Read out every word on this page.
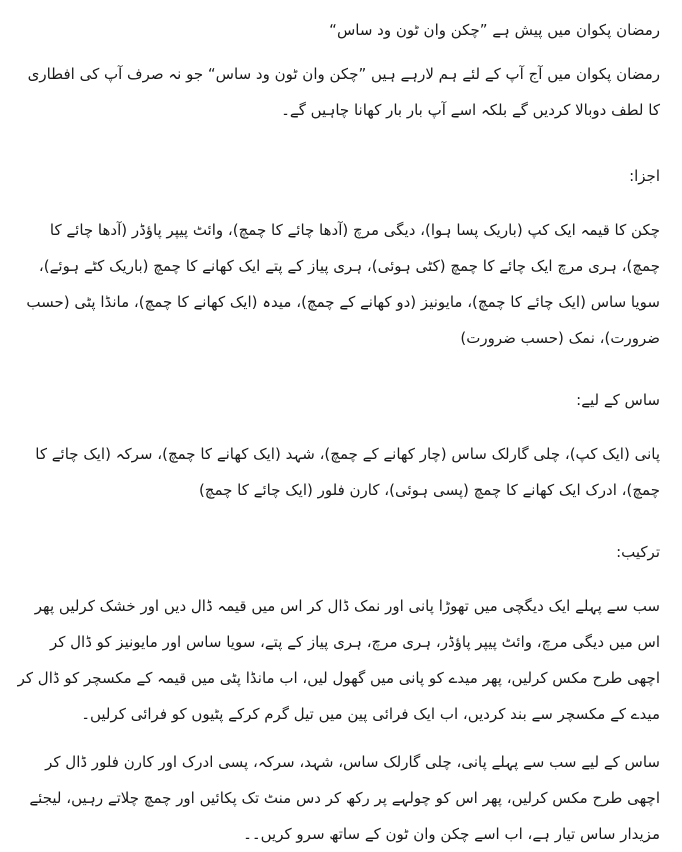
رمضان پکوان میں پیش ہے ”چکن وان ٹون ود ساس“

رمضان پکوان میں آج آپ کے لئے ہم لارہے ہیں ”چکن وان ٹون ود ساس“ جو نہ صرف آپ کی افطاری کا لطف دوبالا کردیں گے بلکہ اسے آپ بار بار کھانا چاہیں گے۔

اجزا:

چکن کا قیمہ ایک کپ (باریک پسا ہوا)، دیگی مرچ (آدھا چائے کا چمچ)، وائٹ پیپر پاؤڈر (آدھا چائے کا چمچ)، ہری مرچ ایک چائے کا چمچ (کٹی ہوئی)، ہری پیاز کے پتے ایک کھانے کا چمچ (باریک کٹے ہوئے)، سویا ساس (ایک چائے کا چمچ)، مایونیز (دو کھانے کے چمچ)، میدہ (ایک کھانے کا چمچ)، مانڈا پٹی (حسب ضرورت)، نمک (حسب ضرورت)

ساس کے لیے:

پانی (ایک کپ)، چلی گارلک ساس (چار کھانے کے چمچ)، شہد (ایک کھانے کا چمچ)، سرکہ (ایک چائے کا چمچ)، ادرک ایک کھانے کا چمچ (پسی ہوئی)، کارن فلور (ایک چائے کا چمچ)

ترکیب:

سب سے پہلے ایک دیگچی میں تھوڑا پانی اور نمک ڈال کر اس میں قیمہ ڈال دیں اور خشک کرلیں پھر اس میں دیگی مرچ، وائٹ پیپر پاؤڈر، ہری مرچ، ہری پیاز کے پتے، سویا ساس اور مایونیز کو ڈال کر اچھی طرح مکس کرلیں، پھر میدے کو پانی میں گھول لیں، اب مانڈا پٹی میں قیمہ کے مکسچر کو ڈال کر میدے کے مکسچر سے بند کردیں، اب ایک فرائی پین میں تیل گرم کرکے پٹیوں کو فرائی کرلیں۔

ساس کے لیے سب سے پہلے پانی، چلی گارلک ساس، شہد، سرکہ، پسی ادرک اور کارن فلور ڈال کر اچھی طرح مکس کرلیں، پھر اس کو چولہے پر رکھ کر دس منٹ تک پکائیں اور چمچ چلاتے رہیں، لیجئے مزیدار ساس تیار ہے، اب اسے چکن وان ٹون کے ساتھ سرو کریں۔۔
